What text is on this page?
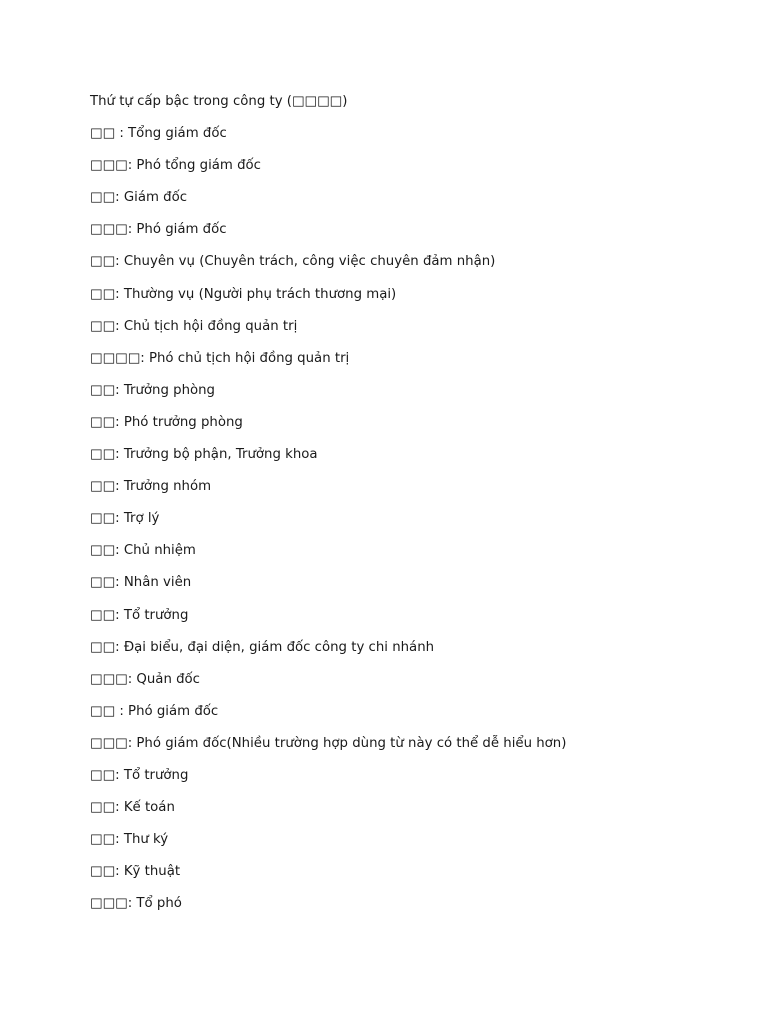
Thứ tự cấp bậc trong công ty (□□□□)
□□ : Tổng giám đốc
□□□: Phó tổng giám đốc
□□: Giám đốc
□□□: Phó giám đốc
□□: Chuyên vụ (Chuyên trách, công việc chuyên đảm nhận)
□□: Thường vụ (Người phụ trách thương mại)
□□: Chủ tịch hội đồng quản trị
□□□□: Phó chủ tịch hội đồng quản trị
□□: Trưởng phòng
□□: Phó trưởng phòng
□□: Trưởng bộ phận, Trưởng khoa
□□: Trưởng nhóm
□□: Trợ lý
□□: Chủ nhiệm
□□: Nhân viên
□□: Tổ trưởng
□□: Đại biểu, đại diện, giám đốc công ty chi nhánh
□□□: Quản đốc
□□ : Phó giám đốc
□□□: Phó giám đốc(Nhiều trường hợp dùng từ này có thể dễ hiểu hơn)
□□: Tổ trưởng
□□: Kế toán
□□: Thư ký
□□: Kỹ thuật
□□□: Tổ phó
